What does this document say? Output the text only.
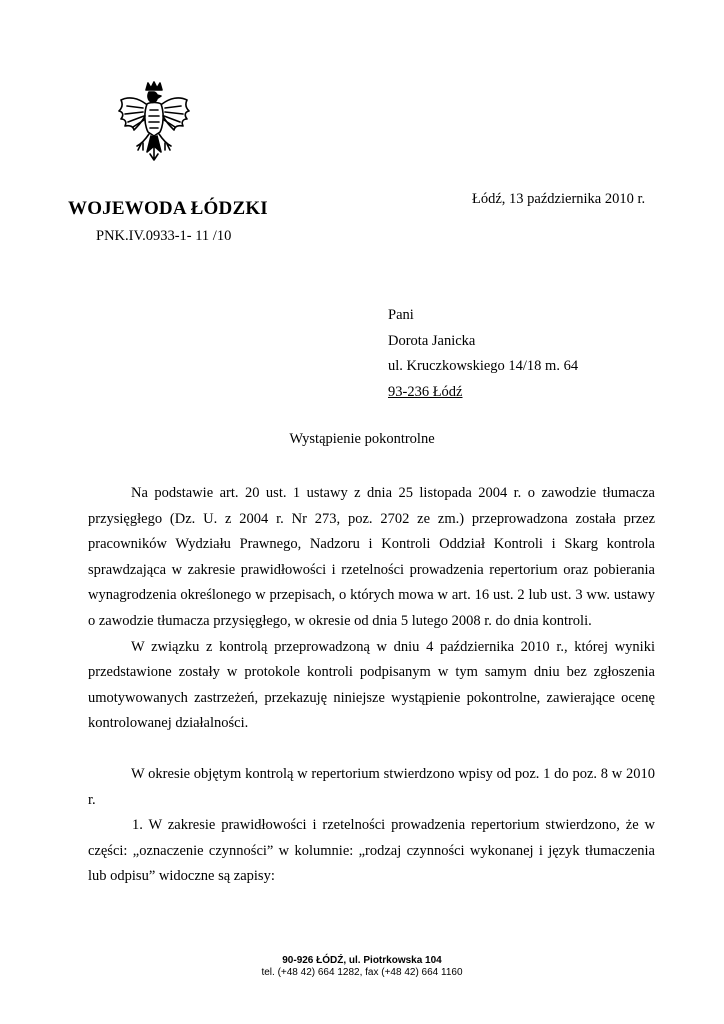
WOJEWODA ŁÓDZKI
PNK.IV.0933-1- 11 /10
Łódź, 13 października 2010 r.
Pani
Dorota Janicka
ul. Kruczkowskiego 14/18 m. 64
93-236 Łódź
Wystąpienie pokontrolne

Na podstawie art. 20 ust. 1 ustawy z dnia 25 listopada 2004 r. o zawodzie tłumacza przysięgłego (Dz. U. z 2004 r. Nr 273, poz. 2702 ze zm.) przeprowadzona została przez pracowników Wydziału Prawnego, Nadzoru i Kontroli Oddział Kontroli i Skarg kontrola sprawdzająca w zakresie prawidłowości i rzetelności prowadzenia repertorium oraz pobierania wynagrodzenia określonego w przepisach, o których mowa w art. 16 ust. 2 lub ust. 3 ww. ustawy o zawodzie tłumacza przysięgłego, w okresie od dnia 5 lutego 2008 r. do dnia kontroli.

W związku z kontrolą przeprowadzoną w dniu 4 października 2010 r., której wyniki przedstawione zostały w protokole kontroli podpisanym w tym samym dniu bez zgłoszenia umotywowanych zastrzeżeń, przekazuję niniejsze wystąpienie pokontrolne, zawierające ocenę kontrolowanej działalności.

W okresie objętym kontrolą w repertorium stwierdzono wpisy od poz. 1 do poz. 8 w 2010 r.

1. W zakresie prawidłowości i rzetelności prowadzenia repertorium stwierdzono, że w części: „oznaczenie czynności” w kolumnie: „rodzaj czynności wykonanej i język tłumaczenia lub odpisu” widoczne są zapisy:

90-926 ŁÓDŹ, ul. Piotrkowska 104
tel. (+48 42) 664 1282, fax (+48 42) 664 1160
